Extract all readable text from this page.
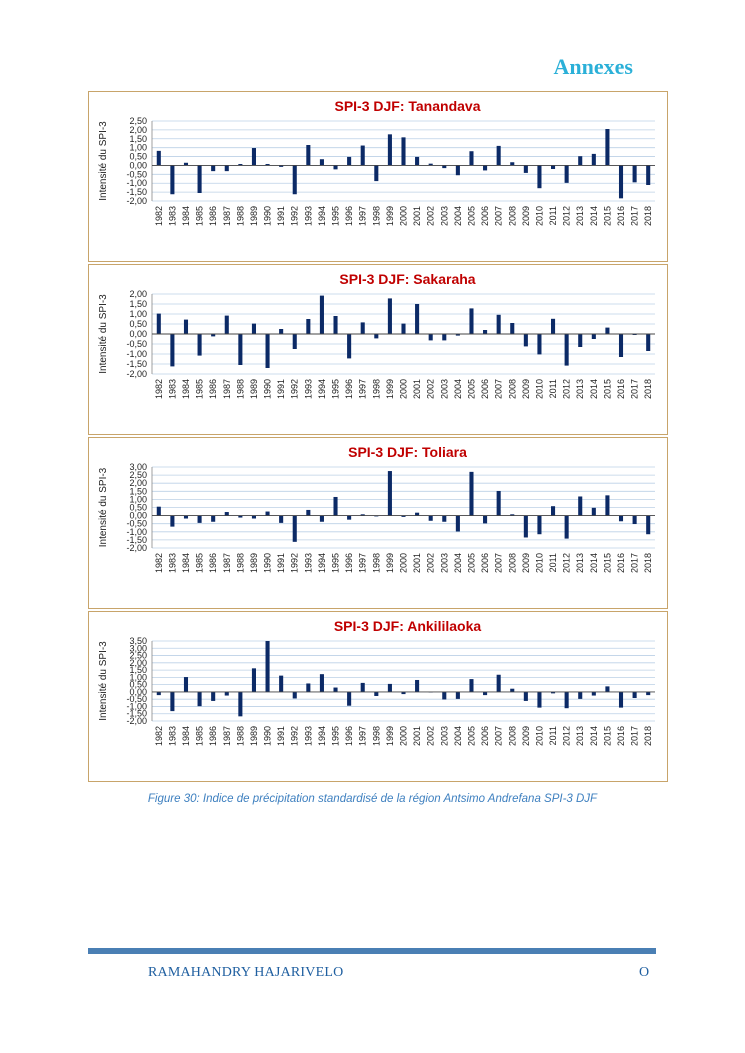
Annexes
SPI-3 DJF: Tanandava
Intensité du SPI-3
2,50
2,00
1,50
1,00
0,50
0,00
-0,50
-1,00
-1,50
-2,00
1982 1983 1984 1985 1986 1987 1988 1989 1990 1991 1992 1993 1994 1995 1996 1997 1998 1999 2000 2001 2002 2003 2004 2005 2006 2007 2008 2009 2010 2011 2012 2013 2014 2015 2016 2017 2018
SPI-3 DJF: Sakaraha
Intensité du SPI-3
2,00
1,50
1,00
0,50
0,00
-0,50
-1,00
-1,50
-2,00
1982 1983 1984 1985 1986 1987 1988 1989 1990 1991 1992 1993 1994 1995 1996 1997 1998 1999 2000 2001 2002 2003 2004 2005 2006 2007 2008 2009 2010 2011 2012 2013 2014 2015 2016 2017 2018
SPI-3 DJF: Toliara
Intensité du SPI-3
3,00
2,50
2,00
1,50
1,00
0,50
0,00
-0,50
-1,00
-1,50
-2,00
1982 1983 1984 1985 1986 1987 1988 1989 1990 1991 1992 1993 1994 1995 1996 1997 1998 1999 2000 2001 2002 2003 2004 2005 2006 2007 2008 2009 2010 2011 2012 2013 2014 2015 2016 2017 2018
SPI-3 DJF: Ankililaoka
Intensité du SPI-3
3,50
3,00
2,50
2,00
1,50
1,00
0,50
0,00
-0,50
-1,00
-1,50
-2,00
1982 1983 1984 1985 1986 1987 1988 1989 1990 1991 1992 1993 1994 1995 1996 1997 1998 1999 2000 2001 2002 2003 2004 2005 2006 2007 2008 2009 2010 2011 2012 2013 2014 2015 2016 2017 2018
Figure 30: Indice de précipitation standardisé de la région Antsimo Andrefana SPI-3 DJF
RAMAHANDRY HAJARIVELO	O
